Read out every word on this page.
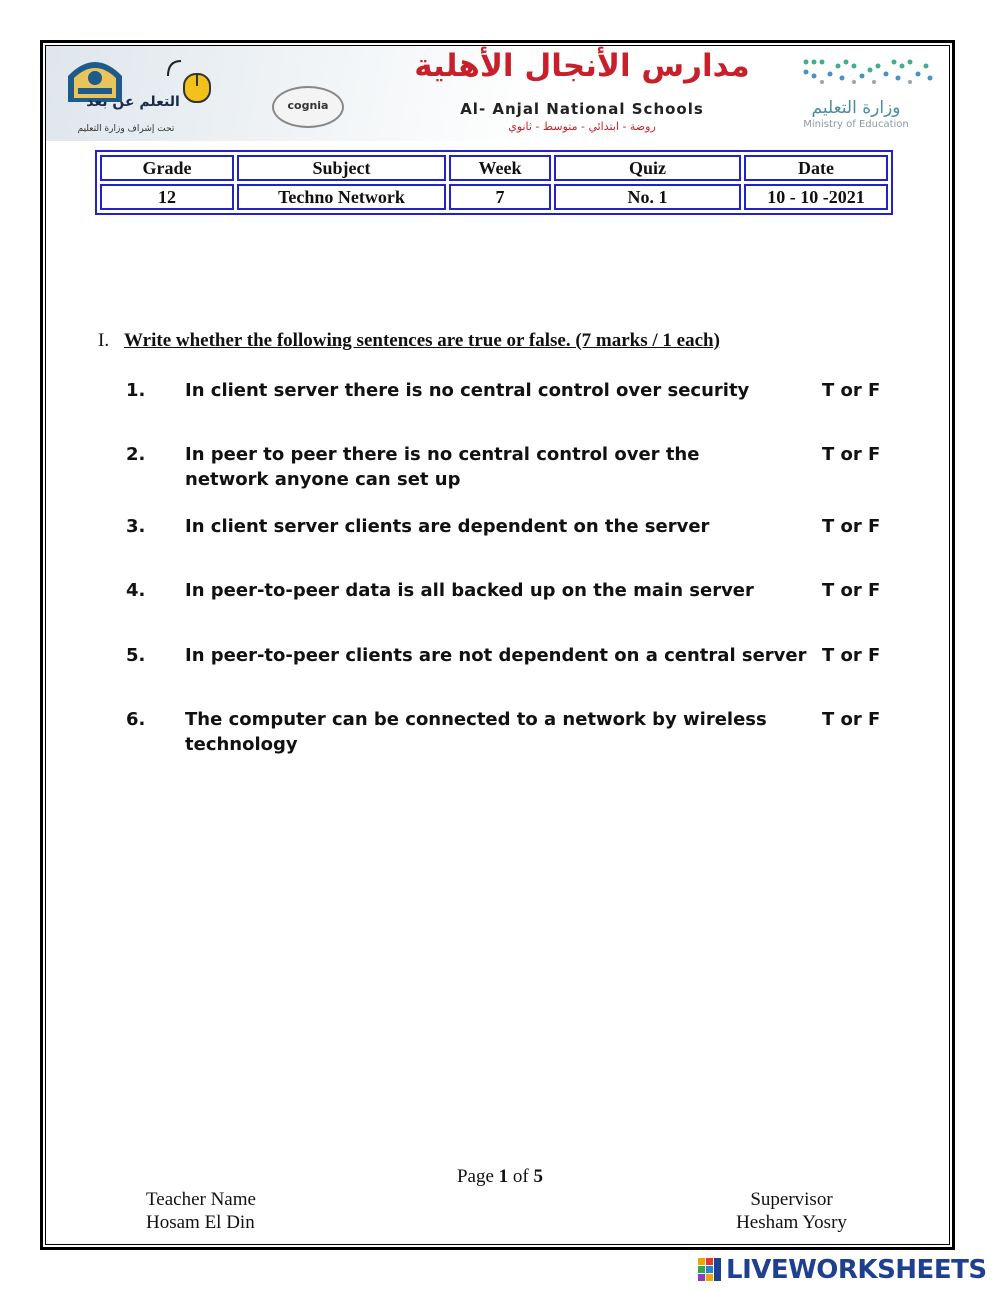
التعلم عن بعد
تحت إشراف وزارة التعليم
cognia
مدارس الأنجال الأهلية
Al- Anjal National Schools
روضة - ابتدائي - متوسط - ثانوي
وزارة التعليم
Ministry of Education
Grade	Subject	Week	Quiz	Date
12	Techno Network	7	No. 1	10 - 10 -2021
I. Write whether the following sentences are true or false. (7 marks / 1 each)
1. In client server there is no central control over security	T or F
2. In peer to peer there is no central control over the network anyone can set up
T or F
3. In client server clients are dependent on the server	T or F
4. In peer-to-peer data is all backed up on the main server	T or F
5. In peer-to-peer clients are not dependent on a central server T or F
6. The computer can be connected to a network by wireless technology
T or F
Page 1 of 5
Teacher Name
Hosam El Din
Supervisor
Hesham Yosry
LIVEWORKSHEETS
